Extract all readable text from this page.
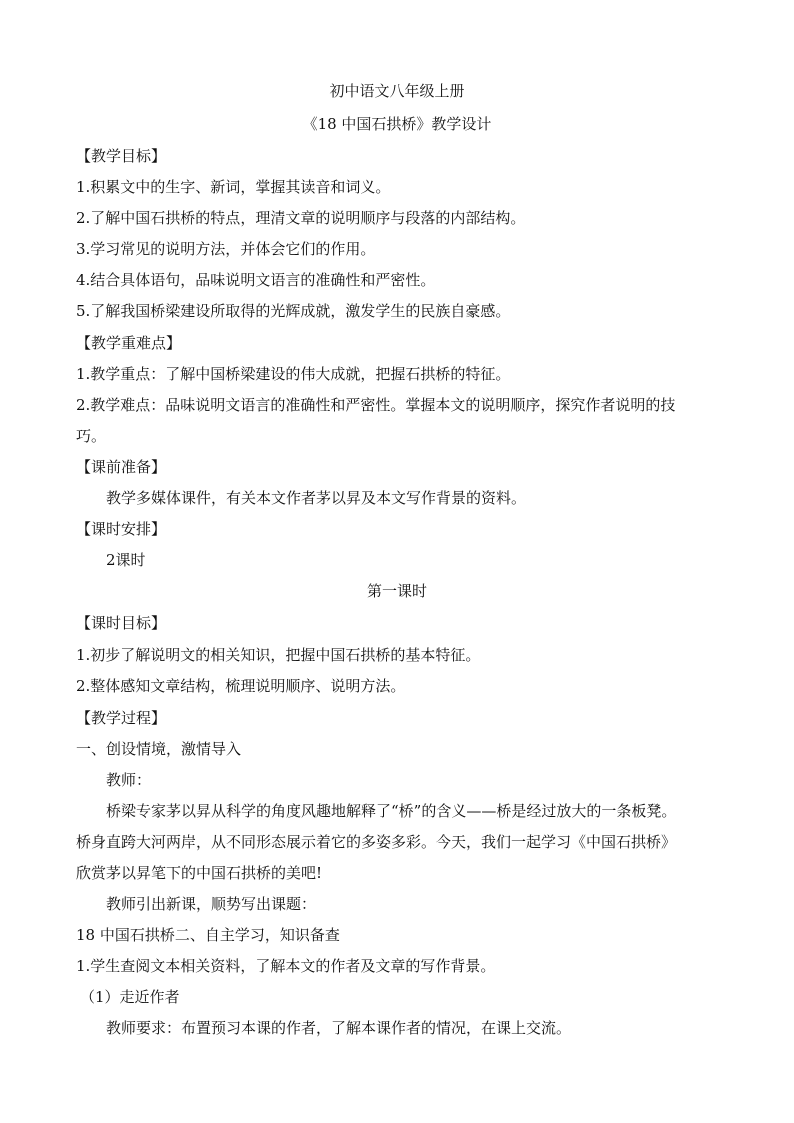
初中语文八年级上册
《18 中国石拱桥》教学设计
【教学目标】
1.积累文中的生字、新词，掌握其读音和词义。
2.了解中国石拱桥的特点，理清文章的说明顺序与段落的内部结构。
3.学习常见的说明方法，并体会它们的作用。
4.结合具体语句，品味说明文语言的准确性和严密性。
5.了解我国桥梁建设所取得的光辉成就，激发学生的民族自豪感。
【教学重难点】
1.教学重点：了解中国桥梁建设的伟大成就，把握石拱桥的特征。
2.教学难点：品味说明文语言的准确性和严密性。掌握本文的说明顺序，探究作者说明的技
巧。
【课前准备】
教学多媒体课件，有关本文作者茅以昇及本文写作背景的资料。
【课时安排】
2课时
第一课时
【课时目标】
1.初步了解说明文的相关知识，把握中国石拱桥的基本特征。
2.整体感知文章结构，梳理说明顺序、说明方法。
【教学过程】
一、创设情境，激情导入
教师：
桥梁专家茅以昇从科学的角度风趣地解释了“桥”的含义——桥是经过放大的一条板凳。
桥身直跨大河两岸，从不同形态展示着它的多姿多彩。今天，我们一起学习《中国石拱桥》
欣赏茅以昇笔下的中国石拱桥的美吧!
教师引出新课，顺势写出课题：
18 中国石拱桥二、自主学习，知识备查
1.学生查阅文本相关资料，了解本文的作者及文章的写作背景。
（1）走近作者
教师要求：布置预习本课的作者，了解本课作者的情况，在课上交流。
